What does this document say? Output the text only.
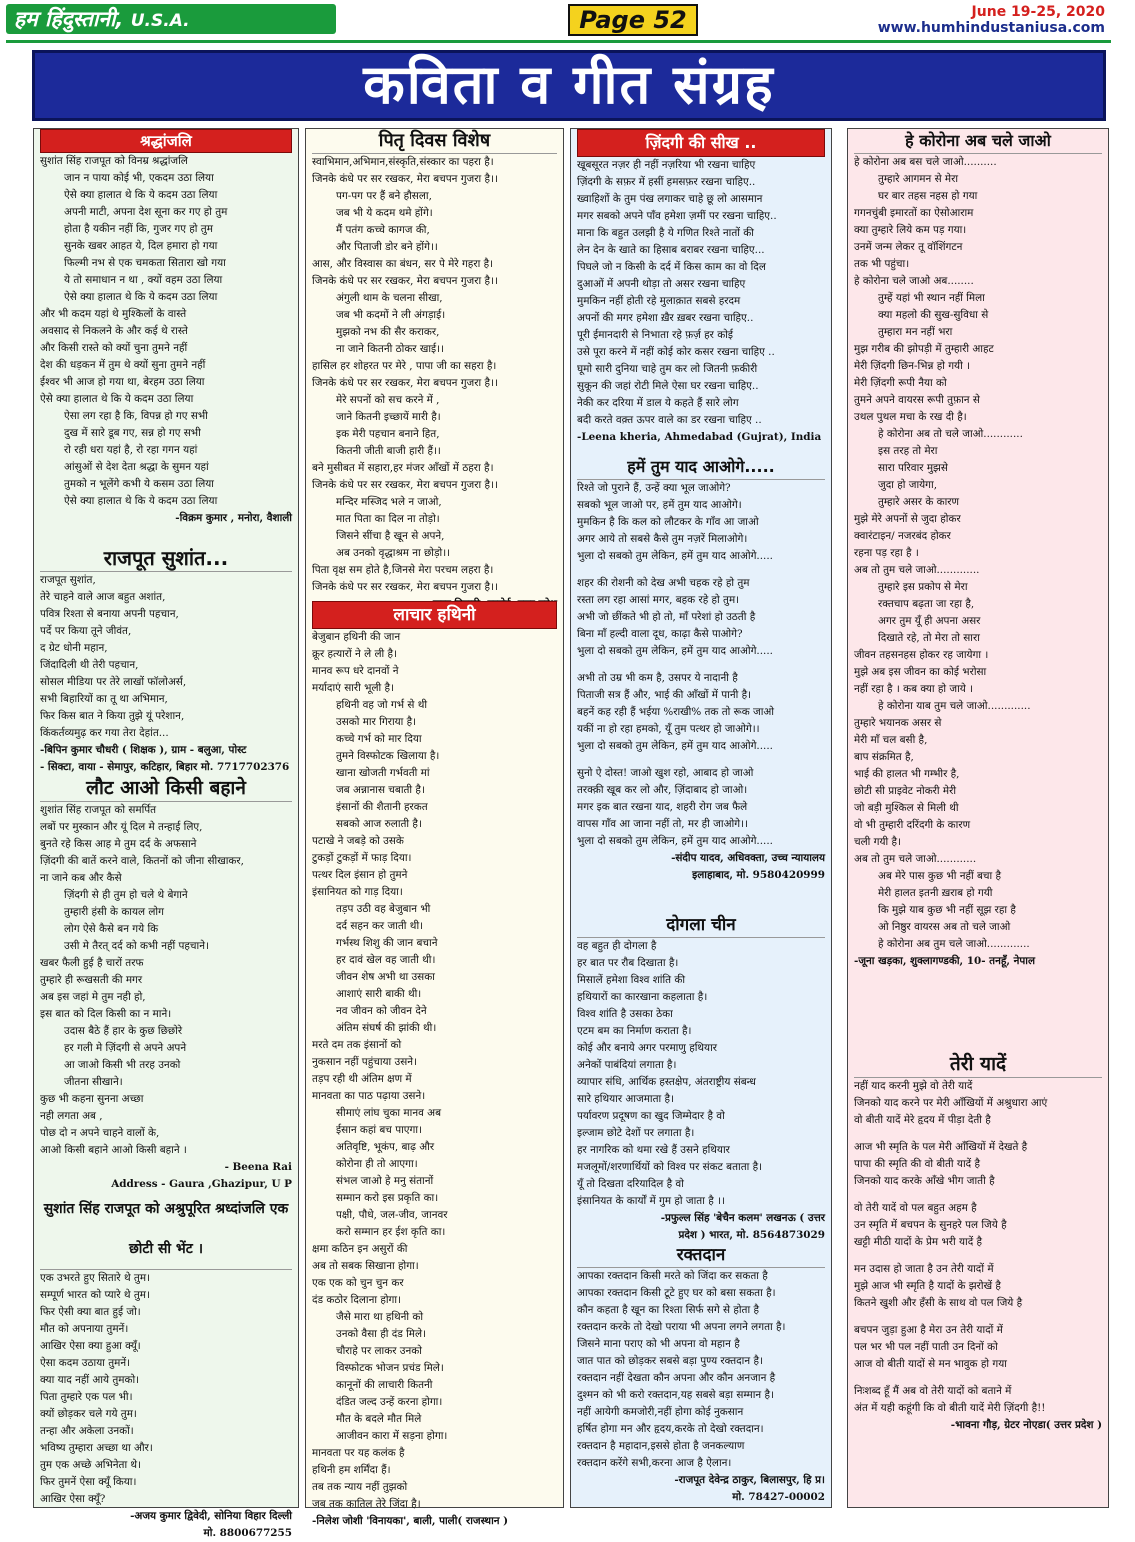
हम हिंदुस्तानी, U.S.A.	Page 52	June 19-25, 2020
www.humhindustaniusa.com
कविता व गीत संग्रह
श्रद्धांजलि
सुशांत सिंह राजपूत को विनम्र श्रद्धांजलि
जान न पाया कोई भी, एकदम उठा लिया
ऐसे क्या हालात थे कि ये कदम उठा लिया
अपनी माटी, अपना देश सूना कर गए हो तुम
होता है यकीन नहीं कि, गुजर गए हो तुम
सुनके खबर आहत ये, दिल हमारा हो गया
फिल्मी नभ से एक चमकता सितारा खो गया
ये तो समाधान न था , क्यों वहम उठा लिया
ऐसे क्या हालात थे कि ये कदम उठा लिया
और भी कदम यहां थे मुश्किलों के वास्ते
अवसाद से निकलने के और कई थे रास्ते
और किसी रास्ते को क्यों चुना तुमने नहीं
देश की धड़कन में तुम थे क्यों सुना तुमने नहीं
ईश्वर भी आज हो गया था, बेरहम उठा लिया
ऐसे क्या हालात थे कि ये कदम उठा लिया
ऐसा लग रहा है कि, विपन्न हो गए सभी
दुख में सारे डूब गए, सन्न हो गए सभी
रो रही धरा यहां है, रो रहा गगन यहां
आंसुओं से देश देता श्रद्धा के सुमन यहां
तुमको न भूलेंगे कभी ये कसम उठा लिया
ऐसे क्या हालात थे कि ये कदम उठा लिया
-विक्रम कुमार , मनोरा, वैशाली
राजपूत सुशांत...
राजपूत सुशांत,
तेरे चाहने वाले आज बहुत अशांत,
पवित्र रिश्ता से बनाया अपनी पहचान,
पर्दे पर किया तूने जीवंत,
द ग्रेट धोनी महान,
जिंदादिली थी तेरी पहचान,
सोसल मीडिया पर तेरे लाखों फॉलोअर्स,
सभी बिहारियों का तू था अभिमान,
फिर किस बात ने किया तुझे यूं परेशान,
किंकर्तव्यमुढ़ कर गया तेरा देहांत...
-बिपिन कुमार चौधरी ( शिक्षक ), ग्राम - बलुआ, पोस्ट
- सिक्टा, वाया - सेमापुर, कटिहार, बिहार मो. 7717702376
लौट आओ किसी बहाने
शुशांत सिंह राजपूत को समर्पित
लबों पर मुस्कान और यूं दिल मे तन्हाई लिए,
बुनते रहे किस आह मे तुम दर्द के अफसाने
ज़िंदगी की बातें करने वाले, कितनों को जीना सीखाकर,
ना जाने कब और कैसे
ज़िंदगी से ही तुम हो चले थे बेगाने
तुम्हारी हंसी के कायल लोग
लोग ऐसे कैसे बन गये कि
उसी मे तैरत् दर्द को कभी नहीं पहचाने।
खबर फैली हुई है चारों तरफ
तुम्हारे ही रूखसती की मगर
अब इस जहां मे तुम नही हो,
इस बात को दिल किसी का न माने।
उदास बैठे हैं हार के कुछ छिछोरे
हर गली मे ज़िंदगी से अपने अपने
आ जाओ किसी भी तरह उनको
जीतना सीखाने।
कुछ भी कहना सुनना अच्छा
नही लगता अब ,
पोछ दो न अपने चाहने वालों के,
आओ किसी बहाने आओ किसी बहाने ।
- Beena Rai
Address - Gaura ,Ghazipur, U P
सुशांत सिंह राजपूत को अश्रुपूरित श्रध्दांजलि एक छोटी सी भेंट ।
एक उभरते हुए सितारे थे तुम।
सम्पूर्ण भारत को प्यारे थे तुम।
फिर ऐसी क्या बात हुई जो।
मौत को अपनाया तुमनें।
आखिर ऐसा क्या हुआ क्यूँ।
ऐसा कदम उठाया तुमनें।
क्या याद नहीं आये तुमको।
पिता तुम्हारे एक पल भी।
क्यों छोड़कर चले गये तुम।
तन्हा और अकेला उनकों।
भविष्य तुम्हारा अच्छा था और।
तुम एक अच्छे अभिनेता थे।
फिर तुमनें ऐसा क्यूँ किया।
आखिर ऐसा क्यूँ?
-अजय कुमार द्विवेदी, सोनिया विहार दिल्ली
मो. 8800677255
पितृ दिवस विशेष
स्वाभिमान,अभिमान,संस्कृति,संस्कार का पहरा है।
जिनके कंधे पर सर रखकर, मेरा बचपन गुजरा है।।
पग-पग पर हैं बने हौसला,
जब भी ये कदम थमे होंगे।
मैं पतंग कच्चे कागज की,
और पिताजी डोर बने होंगे।।
आस, और विस्वास का बंधन, सर पे मेरे गहरा है।
जिनके कंधे पर सर रखकर, मेरा बचपन गुजरा है।।
अंगुली थाम के चलना सीखा,
जब भी कदमों ने ली अंगड़ाई।
मुझको नभ की सैर कराकर,
ना जाने कितनी ठोकर खाई।।
हासिल हर शोहरत पर मेरे , पापा जी का सहरा है।
जिनके कंधे पर सर रखकर, मेरा बचपन गुजरा है।।
मेरे सपनों को सच करने में ,
जाने कितनी इच्छायें मारी है।
इक मेरी पहचान बनाने हित,
कितनी जीती बाजी हारी हैं।।
बने मुसीबत में सहारा,हर मंजर आँखों में ठहरा है।
जिनके कंधे पर सर रखकर, मेरा बचपन गुजरा है।।
मन्दिर मस्जिद भले न जाओ,
मात पिता का दिल ना तोड़ो।
जिसने सींचा है खून से अपने,
अब उनको वृद्धाश्रम ना छोड़ो।।
पिता वृक्ष सम होते है,जिनसे मेरा परचम लहरा है।
जिनके कंधे पर सर रखकर, मेरा बचपन गुजरा है।।
लाचार हथिनी
बेजुबान हथिनी की जान
क्रूर हत्यारों ने ले ली है।
मानव रूप धरे दानवों ने
मर्यादाएं सारी भूली है।
हथिनी वह जो गर्भ से थी
उसको मार गिराया है।
कच्चे गर्भ को मार दिया
तुमने विस्फोटक खिलाया है।
खाना खोजती गर्भवती मां
जब अन्नानास चबाती है।
इंसानों की शैतानी हरकत
सबको आज रुलाती है।
पटाखे ने जबड़े को उसके
टुकड़ों टुकड़ों में फाड़ दिया।
पत्थर दिल इंसान हो तुमने
इंसानियत को गाड़ दिया।
तड़प उठी वह बेजुबान भी
दर्द सहन कर जाती थी।
गर्भस्थ शिशु की जान बचाने
हर दावं खेल वह जाती थी।
जीवन शेष अभी था उसका
आशाएं सारी बाकी थी।
नव जीवन को जीवन देने
अंतिम संघर्ष की झांकी थी।
मरते दम तक इंसानों को
नुकसान नहीं पहुंचाया उसने।
तड़प रही थी अंतिम क्षण में
मानवता का पाठ पढ़ाया उसने।
सीमाएं लांघ चुका मानव अब
ईसान कहां बच पाएगा।
अतिवृष्टि, भूकंप, बाढ़ और
कोरोना ही तो आएगा।
संभल जाओ हे मनु संतानों
सम्मान करो इस प्रकृति का।
पक्षी, पौधे, जल-जीव, जानवर
करो सम्मान हर ईश कृति का।
क्षमा कठिन इन असुरों की
अब तो सबक सिखाना होगा।
एक एक को चुन चुन कर
दंड कठोर दिलाना होगा।
जैसे मारा था हथिनी को
उनको वैसा ही दंड मिले।
चौराहे पर लाकर उनको
विस्फोटक भोजन प्रचंड मिले।
कानूनों की लाचारी कितनी
दंडित जल्द उन्हें करना होगा।
मौत के बदले मौत मिले
आजीवन कारा में सड़ना होगा।
मानवता पर यह कलंक है
हथिनी हम शर्मिंदा हैं।
तब तक न्याय नहीं तुझको
जब तक कातिल तेरे जिंदा है।
-निलेश जोशी 'विनायका', बाली, पाली( राजस्थान )
ज़िंदगी की सीख ..
खूबसूरत नज़र ही नहीं नज़रिया भी रखना चाहिए
ज़िंदगी के सफ़र में हसीं हमसफ़र रखना चाहिए..
ख्वाहिशों के तुम पंख लगाकर चाहे छू लो आसमान
मगर सबको अपने पाँव हमेशा ज़मीं पर रखना चाहिए..
माना कि बहुत उलझी है ये गणित रिश्ते नातों की
लेन देन के खाते का हिसाब बराबर रखना चाहिए...
पिघले जो न किसी के दर्द में किस काम का वो दिल
दुआओं में अपनी थोड़ा तो असर रखना चाहिए
मुमकिन नहीं होती रहे मुलाक़ात सबसे हरदम
अपनों की मगर हमेशा ख़ैर ख़बर रखना चाहिए..
पूरी ईमानदारी से निभाता रहे फ़र्ज़ हर कोई
उसे पूरा करने में नहीं कोई कोर कसर रखना चाहिए ..
घूमो सारी दुनिया चाहे तुम कर लो जितनी फ़कीरी
सुकून की जहां रोटी मिले ऐसा घर रखना चाहिए..
नेकी कर दरिया में डाल ये कहते हैं सारे लोग
बदी करते वक़्त ऊपर वाले का डर रखना चाहिए ..
-Leena kheria, Ahmedabad (Gujrat), India
हमें तुम याद आओगे.....
रिश्ते जो पुराने हैं, उन्हें क्या भूल जाओगे?
सबको भूल जाओ पर, हमें तुम याद आओगे।
मुमकिन है कि कल को लौटकर के गाँव आ जाओ
अगर आये तो सबसे कैसे तुम नज़रें मिलाओगे।
भुला दो सबको तुम लेकिन, हमें तुम याद आओगे.....
शहर की रोशनी को देख अभी चहक रहे हो तुम
रस्ता लग रहा आसां मगर, बहक रहे हो तुम।
अभी जो छींकते भी हो तो, माँ परेशां हो उठती है
बिना माँ हल्दी वाला दूध, काढ़ा कैसे पाओगे?
भुला दो सबको तुम लेकिन, हमें तुम याद आओगे.....
अभी तो उम्र भी कम है, उसपर ये नादानी है
पिताजी सत्र हैं और, भाई की आँखों में पानी है।
बहनें कह रही हैं भईया %राखी% तक तो रूक जाओ
यकीं ना हो रहा हमको, यूँ तुम पत्थर हो जाओगे।।
भुला दो सबको तुम लेकिन, हमें तुम याद आओगे.....
सुनो ऐ दोस्त! जाओ खुश रहो, आबाद हो जाओ
तरक्क़ी खूब कर लो और, ज़िंदाबाद हो जाओ।
मगर इक बात रखना याद, शहरी रोग जब फैले
वापस गाँव आ जाना नहीं तो, मर ही जाओगे।।
भुला दो सबको तुम लेकिन, हमें तुम याद आओगे.....
-संदीप यादव, अधिवक्ता, उच्च न्यायालय
इलाहाबाद, मो. 9580420999
दोगला चीन
वह बहुत ही दोगला है
हर बात पर रौब दिखाता है।
मिसालें हमेशा विश्व शांति की
हथियारों का कारखाना कहलाता है।
विश्व शांति है उसका ठेका
एटम बम का निर्माण कराता है।
कोई और बनाये अगर परमाणु हथियार
अनेकों पाबंदियां लगाता है।
व्यापार संधि, आर्थिक हस्तक्षेप, अंतराष्ट्रीय संबन्ध
सारे हथियार आजमाता है।
पर्यावरण प्रदूषण का खुद जिम्मेदार है वो
इल्जाम छोटे देशों पर लगाता है।
हर नागरिक को थमा रखे हैं उसने हथियार
मजलूमों/शरणार्थियों को विश्व पर संकट बताता है।
यूँ तो दिखता दरियादिल है वो
इंसानियत के कार्यों में गुम हो जाता है ।।
-प्रफुल्ल सिंह 'बेचैन कलम' लखनऊ ( उत्तर
प्रदेश ) भारत, मो. 8564873029
रक्तदान
आपका रक्तदान किसी मरते को जिंदा कर सकता है
आपका रक्तदान किसी टूटे हुए घर को बसा सकता है।
कौन कहता है खून का रिश्ता सिर्फ सगे से होता है
रक्तदान करके तो देखो पराया भी अपना लगने लगता है।
जिसने माना पराए को भी अपना वो महान है
जात पात को छोड़कर सबसे बड़ा पुण्य रक्तदान है।
रक्तदान नहीं देखता कौन अपना और कौन अनजान है
दुश्मन को भी करो रक्तदान,यह सबसे बड़ा सम्मान है।
नहीं आयेगी कमजोरी,नहीं होगा कोई नुकसान
हर्षित होगा मन और हृदय,करके तो देखो रक्तदान।
रक्तदान है महादान,इससे होता है जनकल्याण
रक्तदान करेंगे सभी,करना आज है ऐलान।
-राजपूत देवेन्द्र ठाकुर, बिलासपुर, हि प्र।
मो. 78427-00002
हे कोरोना अब चले जाओ
हे कोरोना अब बस चले जाओ..........
तुम्हारे आगमन से मेरा
घर बार तहस नहस हो गया
गगनचुंबी इमारतों का ऐसोआराम
क्या तुम्हारे लिये कम पड़ गया।
उनमें जन्म लेकर तू वॉशिंगटन
तक भी पहुंचा।
हे कोरोना चले जाओ अब........
तुम्हें यहां भी स्थान नहीं मिला
क्या महलो की सुख-सुविधा से
तुम्हारा मन नहीं भरा
मुझ गरीब की झोपड़ी में तुम्हारी आहट
मेरी ज़िंदगी छिन-भिन्न हो गयी ।
मेरी ज़िंदगी रूपी नैया को
तुमने अपने वायरस रूपी तुफ़ान से
उथल पुथल मचा के रख दी है।
हे कोरोना अब तो चले जाओ............
इस तरह तो मेरा
सारा परिवार मुझसे
जुदा हो जायेगा,
तुम्हारे असर के कारण
मुझे मेरे अपनों से जुदा होकर
क्वारंटाइन/ नजरबंद होकर
रहना पड़ रहा है ।
अब तो तुम चले जाओ.............
तुम्हारे इस प्रकोप से मेरा
रक्तचाप बढ़ता जा रहा है,
अगर तुम यूँ ही अपना असर
दिखाते रहे, तो मेरा तो सारा
जीवन तहसनहस होकर रह जायेगा ।
मुझे अब इस जीवन का कोई भरोसा
नहीं रहा है । कब क्या हो जाये ।
हे कोरोना याब तुम चले जाओ.............
तुम्हारे भयानक असर से
मेरी माँ चल बसी है,
बाप संक्रमित है,
भाई की हालत भी गम्भीर है,
छोटी सी प्राइवेट नोकरी मेरी
जो बड़ी मुश्किल से मिली थी
वो भी तुम्हारी दरिंदगी के कारण
चली गयी है।
अब तो तुम चले जाओ............
अब मेरे पास कुछ भी नहीं बचा है
मेरी हालत इतनी ख़राब हो गयी
कि मुझे याब कुछ भी नहीं सूझ रहा है
ओ निष्ठुर वायरस अब तो चले जाओ
हे कोरोना अब तुम चले जाओ.............
-जूना खड़का, शुक्लागण्डकी, 10- तनहूँ, नेपाल
तेरी यादें
नहीं याद करनी मुझे वो तेरी यादें
जिनको याद करने पर मेरी आँखियों में अश्रुधारा आएं
वो बीती यादें मेरे हृदय में पीड़ा देती है
आज भी स्मृति के पल मेरी आँखियों में देखते है
पापा की स्मृति की वो बीती यादें है
जिनको याद करके आँखे भीग जाती है
वो तेरी यादें वो पल बहुत अहम है
उन स्मृति में बचपन के सुनहरे पल जिये है
खट्टी मीठी यादों के प्रेम भरी यादें है
मन उदास हो जाता है उन तेरी यादों में
मुझे आज भी स्मृति है यादों के झरोखें है
कितने खुशी और हँसी के साथ वो पल जिये है
बचपन जुड़ा हुआ है मेरा उन तेरी यादों में
पल भर भी पल नहीं पाती उन दिनों को
आज वो बीती यादों से मन भावुक हो गया
निःशब्द हूँ मैं अब वो तेरी यादों को बताने में
अंत में यही कहूंगी कि वो बीती यादें मेरी ज़िंदगी है!!
-भावना गौड़, ग्रेटर नोएडा( उत्तर प्रदेश )
